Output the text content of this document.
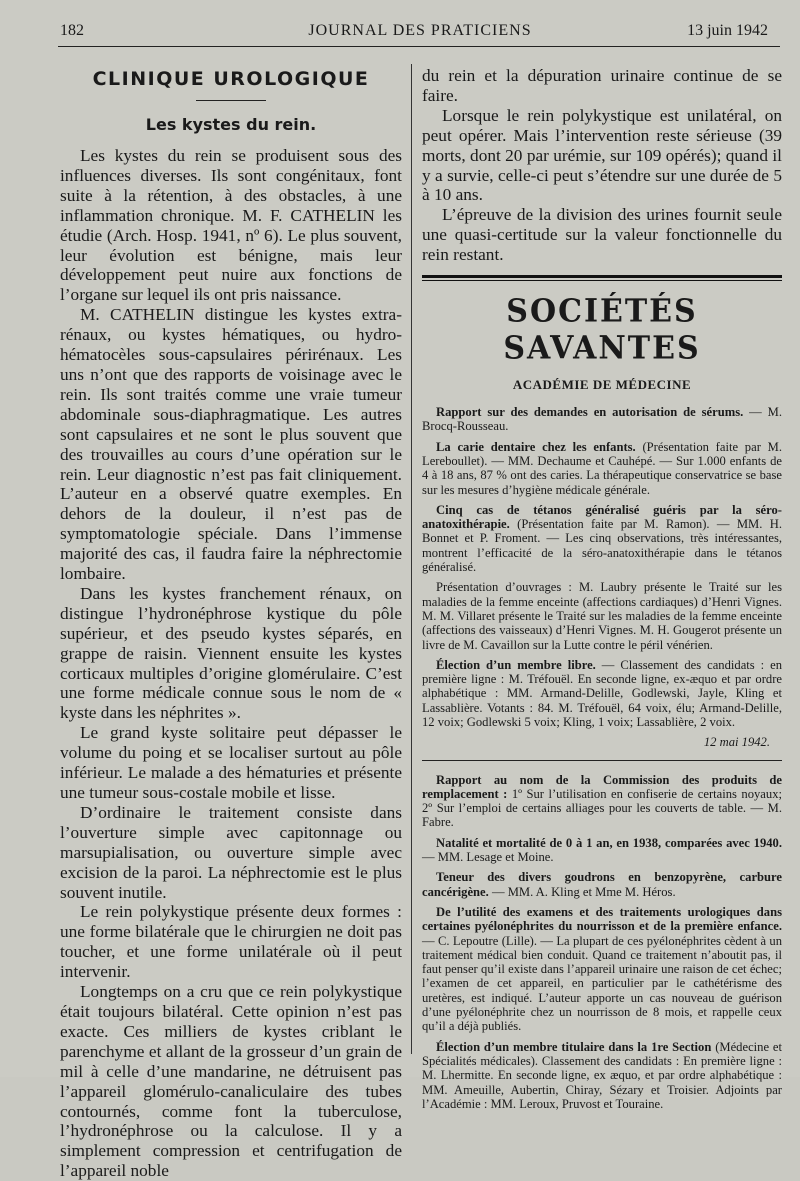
182	JOURNAL DES PRATICIENS	13 juin 1942
CLINIQUE UROLOGIQUE
Les kystes du rein.

Les kystes du rein se produisent sous des influences diverses. Ils sont congénitaux, font suite à la rétention, à des obstacles, à une inflammation chronique. M. F. CATHELIN les étudie (Arch. Hosp. 1941, nº 6). Le plus souvent, leur évolution est bénigne, mais leur développement peut nuire aux fonctions de l’organe sur lequel ils ont pris naissance.

M. CATHELIN distingue les kystes extra-rénaux, ou kystes hématiques, ou hydro-hématocèles sous-capsulaires périrénaux. Les uns n’ont que des rapports de voisinage avec le rein. Ils sont traités comme une vraie tumeur abdominale sous-diaphragmatique. Les autres sont capsulaires et ne sont le plus souvent que des trouvailles au cours d’une opération sur le rein. Leur diagnostic n’est pas fait cliniquement. L’auteur en a observé quatre exemples. En dehors de la douleur, il n’est pas de symptomatologie spéciale. Dans l’immense majorité des cas, il faudra faire la néphrectomie lombaire.

Dans les kystes franchement rénaux, on distingue l’hydronéphrose kystique du pôle supérieur, et des pseudo kystes séparés, en grappe de raisin. Viennent ensuite les kystes corticaux multiples d’origine glomérulaire. C’est une forme médicale connue sous le nom de « kyste dans les néphrites ».

Le grand kyste solitaire peut dépasser le volume du poing et se localiser surtout au pôle inférieur. Le malade a des hématuries et présente une tumeur sous-costale mobile et lisse.

D’ordinaire le traitement consiste dans l’ouverture simple avec capitonnage ou marsupialisation, ou ouverture simple avec excision de la paroi. La néphrectomie est le plus souvent inutile.

Le rein polykystique présente deux formes : une forme bilatérale que le chirurgien ne doit pas toucher, et une forme unilatérale où il peut intervenir.

Longtemps on a cru que ce rein polykystique était toujours bilatéral. Cette opinion n’est pas exacte. Ces milliers de kystes criblant le parenchyme et allant de la grosseur d’un grain de mil à celle d’une mandarine, ne détruisent pas l’appareil glomérulo-canaliculaire des tubes contournés, comme font la tuberculose, l’hydronéphrose ou la calculose. Il y a simplement compression et centrifugation de l’appareil noble

du rein et la dépuration urinaire continue de se faire.

Lorsque le rein polykystique est unilatéral, on peut opérer. Mais l’intervention reste sérieuse (39 morts, dont 20 par urémie, sur 109 opérés); quand il y a survie, celle-ci peut s’étendre sur une durée de 5 à 10 ans.

L’épreuve de la division des urines fournit seule une quasi-certitude sur la valeur fonctionnelle du rein restant.

SOCIÉTÉS SAVANTES
ACADÉMIE DE MÉDECINE

Rapport sur des demandes en autorisation de sérums. — M. Brocq-Rousseau.

La carie dentaire chez les enfants. (Présentation faite par M. Lereboullet). — MM. Dechaume et Cauhépé. — Sur 1.000 enfants de 4 à 18 ans, 87 % ont des caries. La thérapeutique conservatrice se base sur les mesures d’hygiène médicale générale.

Cinq cas de tétanos généralisé guéris par la séro-anatoxithérapie. (Présentation faite par M. Ramon). — MM. H. Bonnet et P. Froment. — Les cinq observations, très intéressantes, montrent l’efficacité de la séro-anatoxithérapie dans le tétanos généralisé.

Présentation d’ouvrages : M. Laubry présente le Traité sur les maladies de la femme enceinte (affections cardiaques) d’Henri Vignes. M. M. Villaret présente le Traité sur les maladies de la femme enceinte (affections des vaisseaux) d’Henri Vignes. M. H. Gougerot présente un livre de M. Cavaillon sur la Lutte contre le péril vénérien.

Élection d’un membre libre. — Classement des candidats : en première ligne : M. Tréfouël. En seconde ligne, ex-æquo et par ordre alphabétique : MM. Armand-Delille, Godlewski, Jayle, Kling et Lassablière. Votants : 84. M. Tréfouël, 64 voix, élu; Armand-Delille, 12 voix; Godlewski 5 voix; Kling, 1 voix; Lassablière, 2 voix.

12 mai 1942.

Rapport au nom de la Commission des produits de remplacement : 1º Sur l’utilisation en confiserie de certains noyaux; 2º Sur l’emploi de certains alliages pour les couverts de table. — M. Fabre.

Natalité et mortalité de 0 à 1 an, en 1938, comparées avec 1940. — MM. Lesage et Moine.

Teneur des divers goudrons en benzopyrène, carbure cancérigène. — MM. A. Kling et Mme M. Héros.

De l’utilité des examens et des traitements urologiques dans certaines pyélonéphrites du nourrisson et de la première enfance. — C. Lepoutre (Lille). — La plupart de ces pyélonéphrites cèdent à un traitement médical bien conduit. Quand ce traitement n’aboutit pas, il faut penser qu’il existe dans l’appareil urinaire une raison de cet échec; l’examen de cet appareil, en particulier par le cathétérisme des uretères, est indiqué. L’auteur apporte un cas nouveau de guérison d’une pyélonéphrite chez un nourrisson de 8 mois, et rappelle ceux qu’il a déjà publiés.

Élection d’un membre titulaire dans la 1re Section (Médecine et Spécialités médicales). Classement des candidats : En première ligne : M. Lhermitte. En seconde ligne, ex æquo, et par ordre alphabétique : MM. Ameuille, Aubertin, Chiray, Sézary et Troisier. Adjoints par l’Académie : MM. Leroux, Pruvost et Touraine.
